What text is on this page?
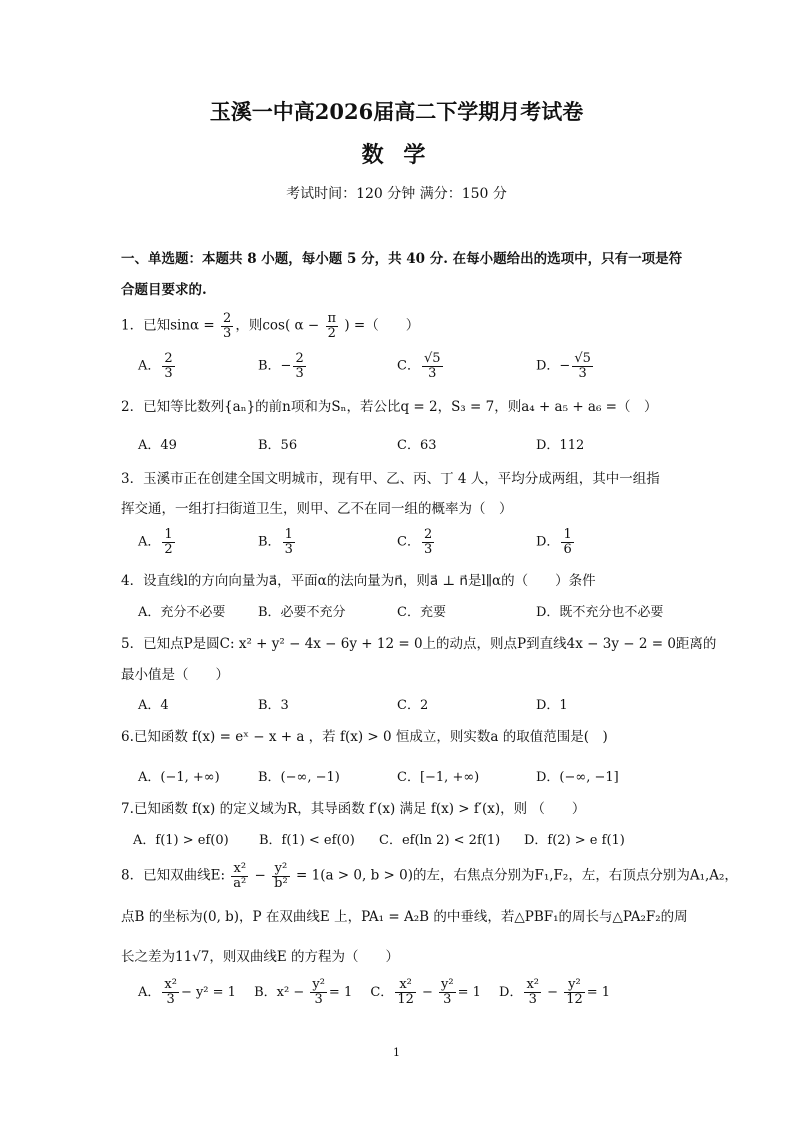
玉溪一中高2026届高二下学期月考试卷
数 学
考试时间：120 分钟 满分：150 分
一、单选题：本题共 8 小题，每小题 5 分，共 40 分. 在每小题给出的选项中，只有一项是符
合题目要求的.
1．已知$\sin\alpha = \frac{2}{3}$ ，则cos( $\alpha - \frac{\pi}{2}$ ) =（　　）
A． $\frac{2}{3}$	B．− $\frac{2}{3}$	C． $\frac{√5}{3}$	D．− $\frac{√5}{3}$
2．已知等比数列{aₙ}的前n项和为Sₙ，若公比q = 2，S₃ = 7，则a₄ + a₅ + a₆ =（　）
A．49	B．56	C．63	D．112
3．玉溪市正在创建全国文明城市，现有甲、乙、丙、丁 4 人，平均分成两组，其中一组指
挥交通，一组打扫街道卫生，则甲、乙不在同一组的概率为（　）
A． $\frac{1}{2}$	B． $\frac{1}{3}$	C． $\frac{2}{3}$	D． $\frac{1}{6}$
4．设直线l的方向向量为a⃗，平面α的法向量为n⃗，则a⃗ ⊥ n⃗是l∥α的（　　）条件
A．充分不必要	B．必要不充分	C．充要	D．既不充分也不必要
5．已知点P是圆C: x² + y² − 4x − 6y + 12 = 0上的动点，则点P到直线4x − 3y − 2 = 0距离的
最小值是（　　）
A．4	B．3	C．2	D．1
6.已知函数 f(x) = eˣ − x + a ，若 f(x) > 0 恒成立，则实数a 的取值范围是(　)
A．(−1, +∞)	B．(−∞, −1)	C．[−1, +∞)	D．(−∞, −1]
7.已知函数 f(x) 的定义域为R，其导函数 f′(x) 满足 f(x) > f′(x)，则 （　　）
A．f(1) > ef(0) B．f(1) < ef(0) C．ef(ln 2) < 2f(1) D．f(2) > e f(1)
8．已知双曲线E: $\frac{\text{x²}}{\text{a²}} - \frac{\text{y²}}{\text{b²}} = 1(a > 0$, b > 0)的左，右焦点分别为F₁,F₂，左，右顶点分别为A₁,A₂，
点B 的坐标为(0, b)，P 在双曲线E 上，PA₁ = A₂B 的中垂线，若△PBF₁的周长与△PA₂F₂的周
长之差为11√7，则双曲线E 的方程为（　　）
A． $\frac{\text{x²}}{3} - y^2 = 1$ B．$x^2 - \frac{\text{y²}}{3} = 1$ C． $\frac{\text{x²}}{12} - \frac{\text{y²}}{3} = 1$ D． $\frac{\text{x²}}{3} - \frac{\text{y²}}{12} = 1$
1
